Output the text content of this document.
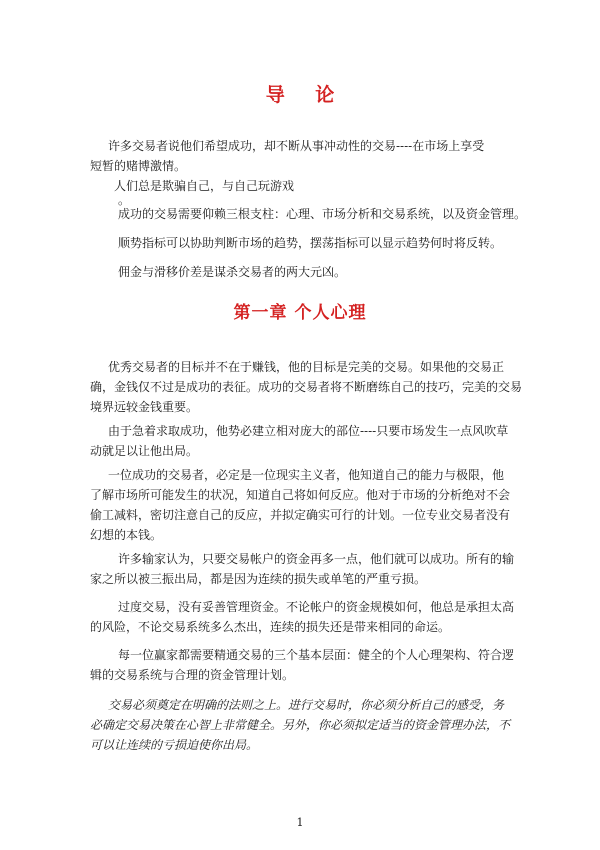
导 论

许多交易者说他们希望成功，却不断从事冲动性的交易----在市场上享受

短暂的赌博激情。

人们总是欺骗自己，与自己玩游戏

。

成功的交易需要仰赖三根支柱：心理、市场分析和交易系统，以及资金管理。

顺势指标可以协助判断市场的趋势，摆荡指标可以显示趋势何时将反转。

佣金与滑移价差是谋杀交易者的两大元凶。

第一章 个人心理

优秀交易者的目标并不在于赚钱，他的目标是完美的交易。如果他的交易正

确，金钱仅不过是成功的表征。成功的交易者将不断磨练自己的技巧，完美的交易

境界远较金钱重要。

由于急着求取成功，他势必建立相对庞大的部位----只要市场发生一点风吹草

动就足以让他出局。

一位成功的交易者，必定是一位现实主义者，他知道自己的能力与极限，他

了解市场所可能发生的状况，知道自己将如何反应。他对于市场的分析绝对不会

偷工减料，密切注意自己的反应，并拟定确实可行的计划。一位专业交易者没有

幻想的本钱。

许多输家认为，只要交易帐户的资金再多一点，他们就可以成功。所有的输

家之所以被三振出局，都是因为连续的损失或单笔的严重亏损。

过度交易，没有妥善管理资金。不论帐户的资金规模如何，他总是承担太高

的风险，不论交易系统多么杰出，连续的损失还是带来相同的命运。

每一位赢家都需要精通交易的三个基本层面：健全的个人心理架构、符合逻

辑的交易系统与合理的资金管理计划。

交易必须奠定在明确的法则之上。进行交易时，你必须分析自己的感受，务

必确定交易决策在心智上非常健全。另外，你必须拟定适当的资金管理办法，不

可以让连续的亏损迫使你出局。

1
